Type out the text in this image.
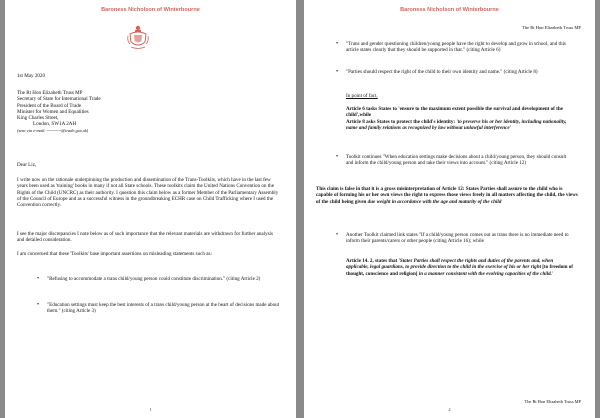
Baroness Nicholson of Winterbourne
1st May 2020
The Rt Hon Elizabeth Truss MP
Secretary of State for International Trade
President of the Board of Trade
Minister for Women and Equalities
King Charles Street,
London, SW1A 2AH
(sent via e-mail: ~~~~~~@trade.gov.uk)
Dear Liz,

I write now on the rationale underpinning the production and dissemination of the Trans-Toolkits, which have in the last few years been used as 'training' books in many if not all State schools. These toolkits claim the United Nations Convention on the Rights of the Child (UNCRC) as their authority. I question this claim below as a former Member of the Parliamentary Assembly of the Council of Europe and as a successful witness in the groundbreaking ECHR case on Child Trafficking where I used the Convention correctly.

I see the major discrepancies I note below as of such importance that the relevant materials are withdrawn for further analysis and detailed consideration.

I am concerned that these 'Toolkits' base important assertions on misleading statements such as:

• "Refusing to accommodate a trans child/young person could constitute discrimination." (citing Article 2)

• "Education settings must keep the best interests of a trans child/young person at the heart of decisions made about them." (citing Article 3)

1
Baroness Nicholson of Winterbourne
The Rt Hon Elizabeth Truss MP
• "Trans and gender questioning children/young people have the right to develop and grow in school, and this article states clearly that they should be supported in that." (citing Article 6)

• "Parties should respect the right of the child to their own identity and name." (citing Article 8)

In point of fact,

Article 6 tasks States to 'ensure to the maximum extent possible the survival and development of the child',while

Article 8 asks States to protect the child's identity: 'to preserve his or her identity, including nationality, name and family relations as recognized by law without unlawful interference'

• Toolkit continues "When education settings make decisions about a child/young person, they should consult and inform the child/young person and take their views into account." (citing Article 12)

This claim is false in that it is a gross misinterpretation of Article 12: States Parties shall assure to the child who is capable of forming his or her own views the right to express those views freely in all matters affecting the child, the views of the child being given due weight in accordance with the age and maturity of the child

• Another Toolkit claimed link states "If a child/young person comes out as trans there is no immediate need to inform their parents/carers or other people (citing Article 16); while

Article 14. 2, states that 'States Parties shall respect the rights and duties of the parents and, when applicable, legal guardians, to provide direction to the child in the exercise of his or her right [to freedom of thought, conscience and religion] in a manner consistent with the evolving capacities of the child.'

The Rt Hon Elizabeth Truss MP
2
